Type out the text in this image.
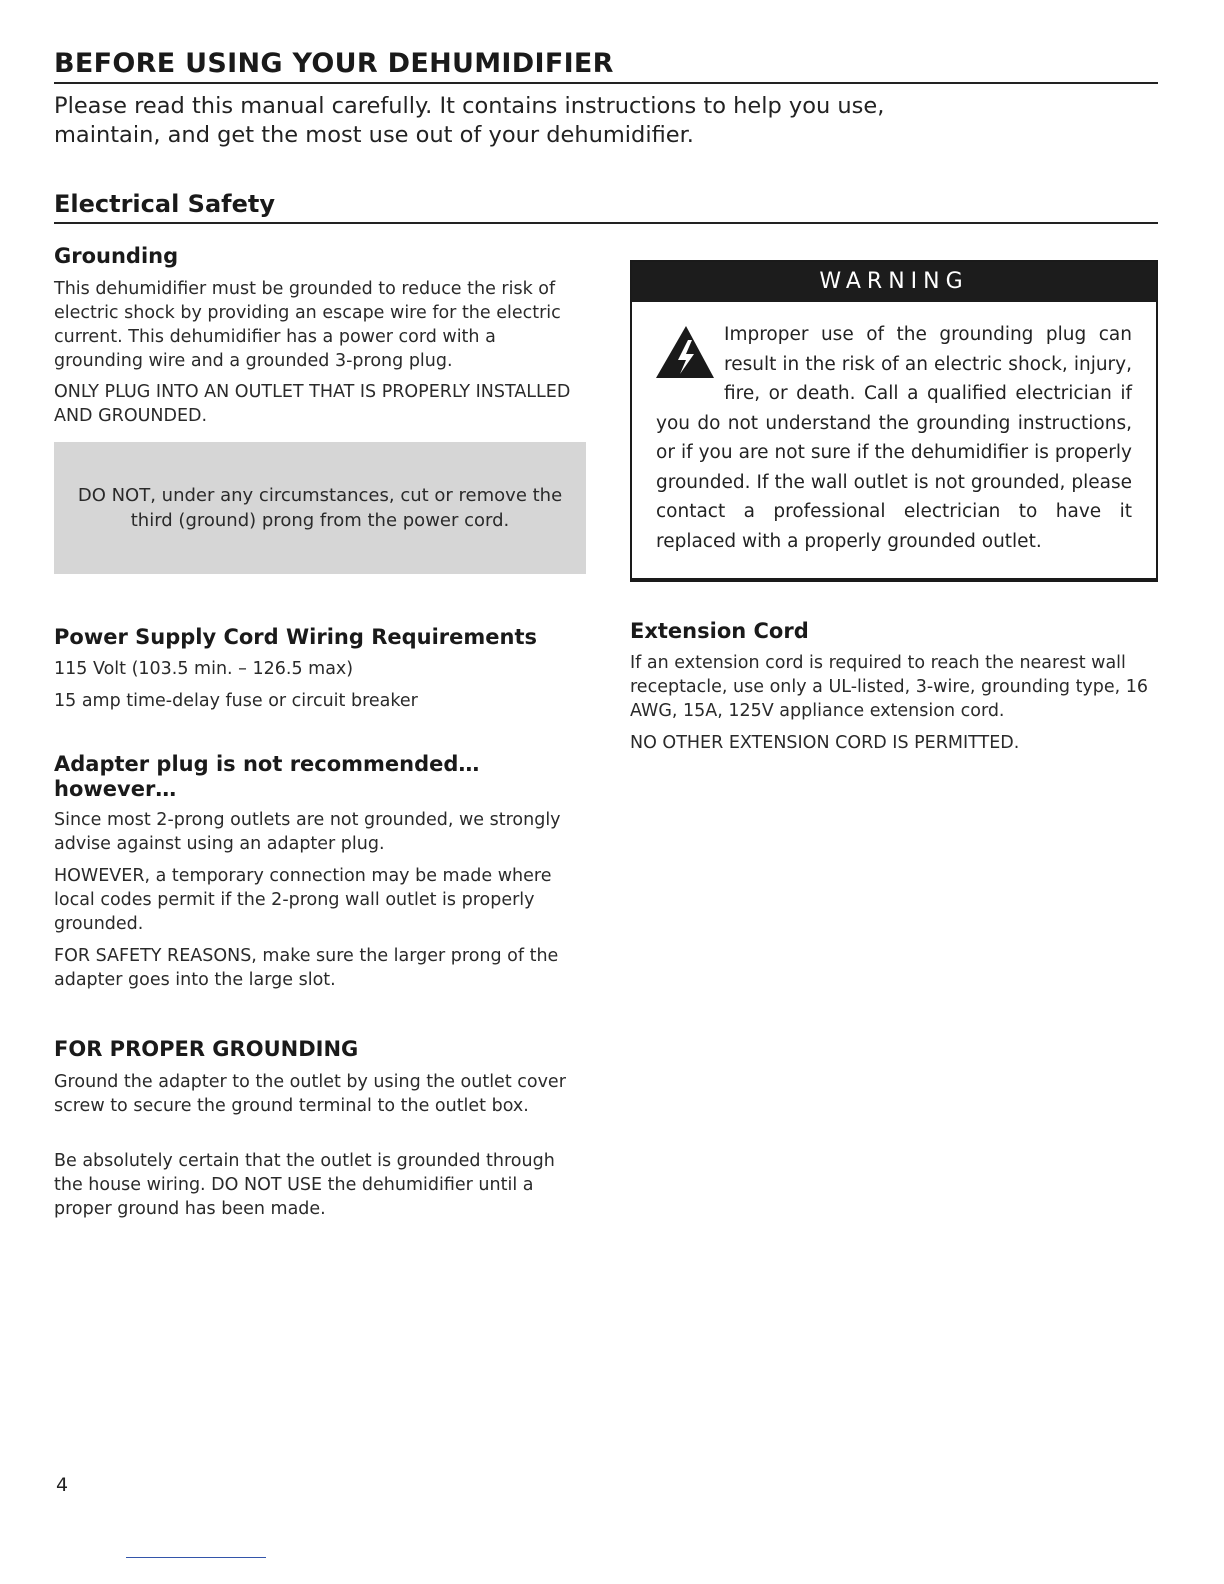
BEFORE USING YOUR DEHUMIDIFIER

Please read this manual carefully. It contains instructions to help you use, maintain, and get the most use out of your dehumidifier.

Electrical Safety
Grounding

This dehumidifier must be grounded to reduce the risk of electric shock by providing an escape wire for the electric current. This dehumidifier has a power cord with a grounding wire and a grounded 3-prong plug.

ONLY PLUG INTO AN OUTLET THAT IS PROPERLY INSTALLED AND GROUNDED.

DO NOT, under any circumstances, cut or remove the third (ground) prong from the power cord.

WARNING
Improper use of the grounding plug can result in the risk of an electric shock, injury, fire, or death. Call a qualified electrician if you do not understand the grounding instructions, or if you are not sure if the dehumidifier is properly grounded. If the wall outlet is not grounded, please contact a professional electrician to have it replaced with a properly grounded outlet.
Power Supply Cord Wiring Requirements

115 Volt (103.5 min. – 126.5 max)

15 amp time-delay fuse or circuit breaker

Extension Cord

If an extension cord is required to reach the nearest wall receptacle, use only a UL-listed, 3-wire, grounding type, 16 AWG, 15A, 125V appliance extension cord.

NO OTHER EXTENSION CORD IS PERMITTED.

Adapter plug is not recommended…
however…

Since most 2-prong outlets are not grounded, we strongly advise against using an adapter plug.

HOWEVER, a temporary connection may be made where local codes permit if the 2-prong wall outlet is properly grounded.

FOR SAFETY REASONS, make sure the larger prong of the adapter goes into the large slot.

FOR PROPER GROUNDING

Ground the adapter to the outlet by using the outlet cover screw to secure the ground terminal to the outlet box.

Be absolutely certain that the outlet is grounded through the house wiring. DO NOT USE the dehumidifier until a proper ground has been made.

4
